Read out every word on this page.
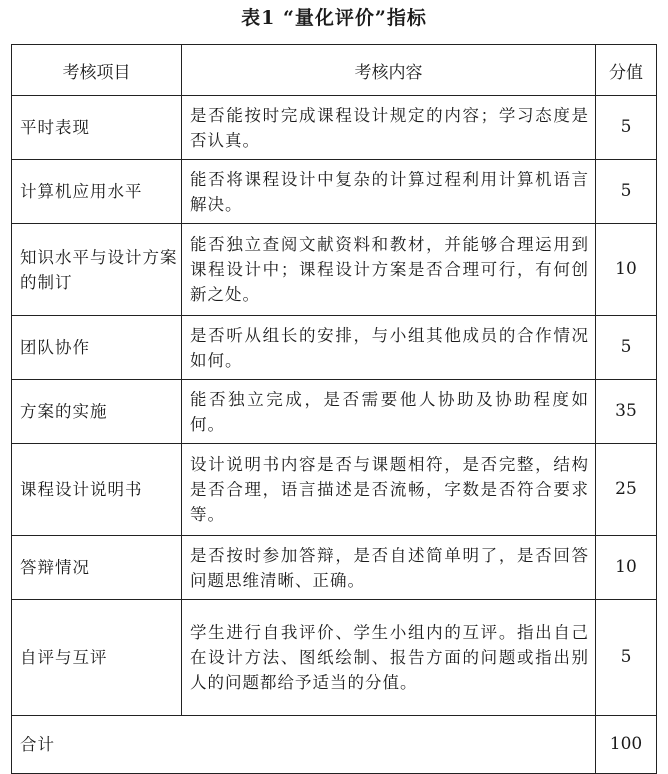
表1 “量化评价”指标
考核项目	考核内容	分值
平时表现	是否能按时完成课程设计规定的内容；学习态度是否认真。	5
计算机应用水平	能否将课程设计中复杂的计算过程利用计算机语言解决。	5
知识水平与设计方案的制订	能否独立查阅文献资料和教材，并能够合理运用到课程设计中；课程设计方案是否合理可行，有何创新之处。	10
团队协作	是否听从组长的安排，与小组其他成员的合作情况如何。	5
方案的实施	能否独立完成，是否需要他人协助及协助程度如何。	35
课程设计说明书	设计说明书内容是否与课题相符，是否完整，结构是否合理，语言描述是否流畅，字数是否符合要求等。	25
答辩情况	是否按时参加答辩，是否自述简单明了，是否回答问题思维清晰、正确。	10
自评与互评	学生进行自我评价、学生小组内的互评。指出自己在设计方法、图纸绘制、报告方面的问题或指出别人的问题都给予适当的分值。	5
合计		100
